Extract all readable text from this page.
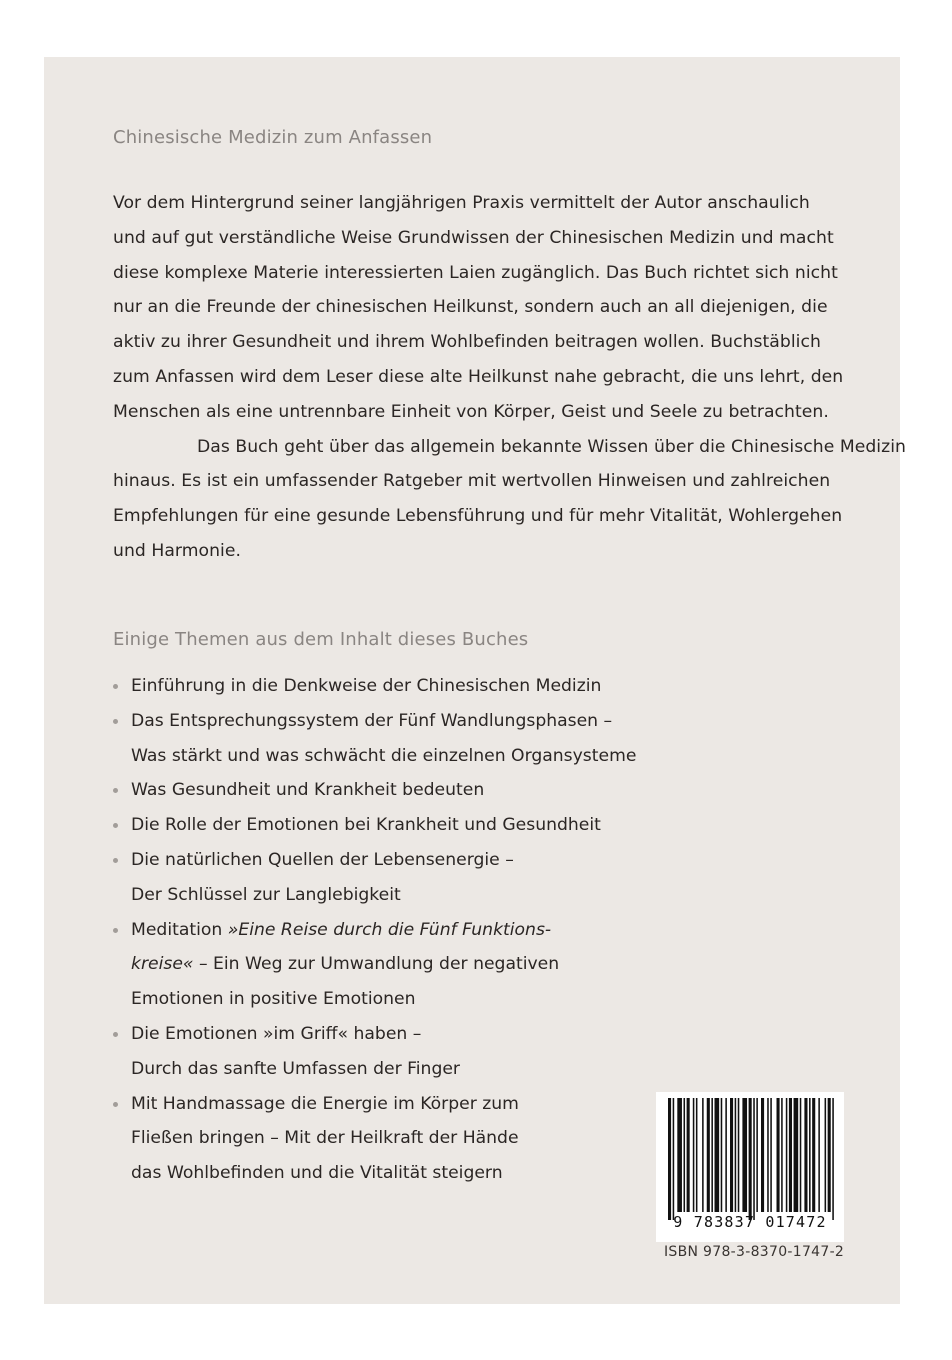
Chinesische Medizin zum Anfassen

Vor dem Hintergrund seiner langjährigen Praxis vermittelt der Autor anschaulich
und auf gut verständliche Weise Grundwissen der Chinesischen Medizin und macht
diese komplexe Materie interessierten Laien zugänglich. Das Buch richtet sich nicht
nur an die Freunde der chinesischen Heilkunst, sondern auch an all diejenigen, die
aktiv zu ihrer Gesundheit und ihrem Wohlbefinden beitragen wollen. Buchstäblich
zum Anfassen wird dem Leser diese alte Heilkunst nahe gebracht, die uns lehrt, den
Menschen als eine untrennbare Einheit von Körper, Geist und Seele zu betrachten.

Das Buch geht über das allgemein bekannte Wissen über die Chinesische Medizin
hinaus. Es ist ein umfassender Ratgeber mit wertvollen Hinweisen und zahlreichen
Empfehlungen für eine gesunde Lebensführung und für mehr Vitalität, Wohlergehen
und Harmonie.

Einige Themen aus dem Inhalt dieses Buches
Einführung in die Denkweise der Chinesischen Medizin
Das Entsprechungssystem der Fünf Wandlungsphasen –
Was stärkt und was schwächt die einzelnen Organsysteme
Was Gesundheit und Krankheit bedeuten
Die Rolle der Emotionen bei Krankheit und Gesundheit
Die natürlichen Quellen der Lebensenergie –
Der Schlüssel zur Langlebigkeit
Meditation »Eine Reise durch die Fünf Funktions-
kreise« – Ein Weg zur Umwandlung der negativen
Emotionen in positive Emotionen
Die Emotionen »im Griff« haben –
Durch das sanfte Umfassen der Finger
Mit Handmassage die Energie im Körper zum
Fließen bringen – Mit der Heilkraft der Hände
das Wohlbefinden und die Vitalität steigern
9 783837 017472
ISBN 978-3-8370-1747-2
